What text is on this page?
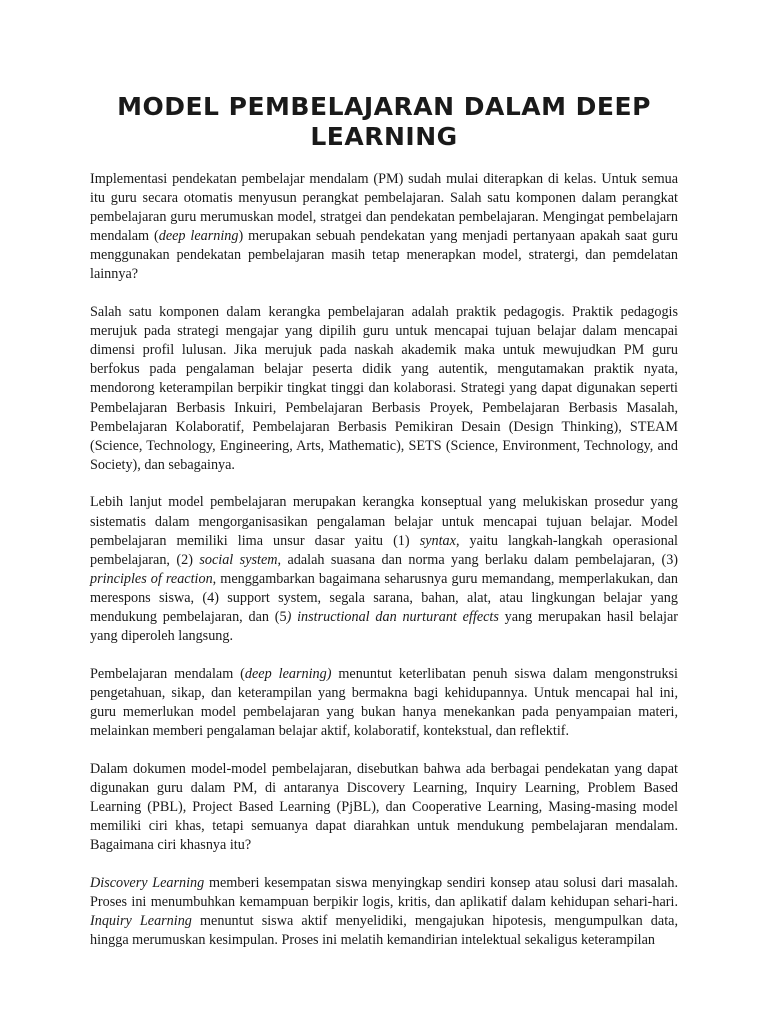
MODEL PEMBELAJARAN DALAM DEEP LEARNING

Implementasi pendekatan pembelajar mendalam (PM) sudah mulai diterapkan di kelas. Untuk semua itu guru secara otomatis menyusun perangkat pembelajaran. Salah satu komponen dalam perangkat pembelajaran guru merumuskan model, stratgei dan pendekatan pembelajaran. Mengingat pembelajarn mendalam (deep learning) merupakan sebuah pendekatan yang menjadi pertanyaan apakah saat guru menggunakan pendekatan pembelajaran masih tetap menerapkan model, stratergi, dan pemdelatan lainnya?

Salah satu komponen dalam kerangka pembelajaran adalah praktik pedagogis. Praktik pedagogis merujuk pada strategi mengajar yang dipilih guru untuk mencapai tujuan belajar dalam mencapai dimensi profil lulusan. Jika merujuk pada naskah akademik maka untuk mewujudkan PM guru berfokus pada pengalaman belajar peserta didik yang autentik, mengutamakan praktik nyata, mendorong keterampilan berpikir tingkat tinggi dan kolaborasi. Strategi yang dapat digunakan seperti Pembelajaran Berbasis Inkuiri, Pembelajaran Berbasis Proyek, Pembelajaran Berbasis Masalah, Pembelajaran Kolaboratif, Pembelajaran Berbasis Pemikiran Desain (Design Thinking), STEAM (Science, Technology, Engineering, Arts, Mathematic), SETS (Science, Environment, Technology, and Society), dan sebagainya.

Lebih lanjut model pembelajaran merupakan kerangka konseptual yang melukiskan prosedur yang sistematis dalam mengorganisasikan pengalaman belajar untuk mencapai tujuan belajar. Model pembelajaran memiliki lima unsur dasar yaitu (1) syntax, yaitu langkah-langkah operasional pembelajaran, (2) social system, adalah suasana dan norma yang berlaku dalam pembelajaran, (3) principles of reaction, menggambarkan bagaimana seharusnya guru memandang, memperlakukan, dan merespons siswa, (4) support system, segala sarana, bahan, alat, atau lingkungan belajar yang mendukung pembelajaran, dan (5) instructional dan nurturant effects yang merupakan hasil belajar yang diperoleh langsung.

Pembelajaran mendalam (deep learning) menuntut keterlibatan penuh siswa dalam mengonstruksi pengetahuan, sikap, dan keterampilan yang bermakna bagi kehidupannya. Untuk mencapai hal ini, guru memerlukan model pembelajaran yang bukan hanya menekankan pada penyampaian materi, melainkan memberi pengalaman belajar aktif, kolaboratif, kontekstual, dan reflektif.

Dalam dokumen model-model pembelajaran, disebutkan bahwa ada berbagai pendekatan yang dapat digunakan guru dalam PM, di antaranya Discovery Learning, Inquiry Learning, Problem Based Learning (PBL), Project Based Learning (PjBL), dan Cooperative Learning, Masing-masing model memiliki ciri khas, tetapi semuanya dapat diarahkan untuk mendukung pembelajaran mendalam. Bagaimana ciri khasnya itu?

Discovery Learning memberi kesempatan siswa menyingkap sendiri konsep atau solusi dari masalah. Proses ini menumbuhkan kemampuan berpikir logis, kritis, dan aplikatif dalam kehidupan sehari-hari. Inquiry Learning menuntut siswa aktif menyelidiki, mengajukan hipotesis, mengumpulkan data, hingga merumuskan kesimpulan. Proses ini melatih kemandirian intelektual sekaligus keterampilan
